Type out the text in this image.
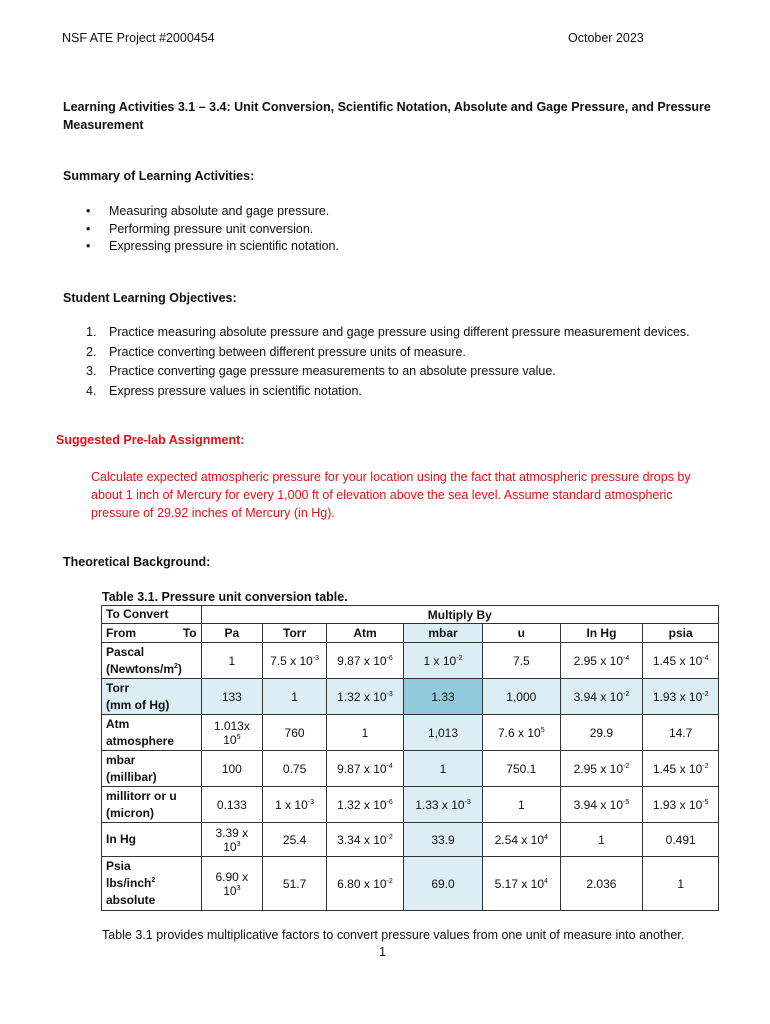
NSF ATE Project #2000454	October 2023
Learning Activities 3.1 – 3.4: Unit Conversion, Scientific Notation, Absolute and Gage Pressure, and Pressure Measurement
Summary of Learning Activities:
• Measuring absolute and gage pressure.
• Performing pressure unit conversion.
• Expressing pressure in scientific notation.
Student Learning Objectives:
1. Practice measuring absolute pressure and gage pressure using different pressure measurement devices.
2. Practice converting between different pressure units of measure.
3. Practice converting gage pressure measurements to an absolute pressure value.
4. Express pressure values in scientific notation.
Suggested Pre-lab Assignment:
Calculate expected atmospheric pressure for your location using the fact that atmospheric pressure drops by about 1 inch of Mercury for every 1,000 ft of elevation above the sea level. Assume standard atmospheric pressure of 29.92 inches of Mercury (in Hg).
Theoretical Background:
Table 3.1. Pressure unit conversion table.
To Convert	Multiply By						

From To	Pa	Torr	Atm	mbar	u	In Hg	psia

Pascal
$(Newtons/m^2)$	1	7.5 x $10^{-3}$	9.87 x $10^{-6}$	1 x $10^{-2}$	7.5	2.95 x $10^{-4}$	1.45 x $10^{-4}$

Torr
(mm of Hg)	133	1	1.32 x $10^{-3}$	1.33	1,000	3.94 x $10^{-2}$	1.93 x $10^{-2}$

Atm
atmosphere	1.013x $10^5$	760	1	1,013	7.6 x $10^5$	29.9	14.7

mbar
(millibar)	100	0.75	9.87 x $10^{-4}$	1	750.1	2.95 x $10^{-2}$	1.45 x $10^{-2}$

millitorr or u
(micron)	0.133	1 x $10^{-3}$	1.32 x $10^{-6}$	1.33 x $10^{-3}$	1	3.94 x $10^{-5}$	1.93 x $10^{-5}$

In Hg	3.39 x $10^3$	25.4	3.34 x $10^{-2}$	33.9	2.54 x $10^4$	1	0.491

Psia
lbs/inch$^2$
absolute	6.90 x $10^3$	51.7	6.80 x $10^{-2}$	69.0	5.17 x $10^4$	2.036	1
Table 3.1 provides multiplicative factors to convert pressure values from one unit of measure into another.
1
